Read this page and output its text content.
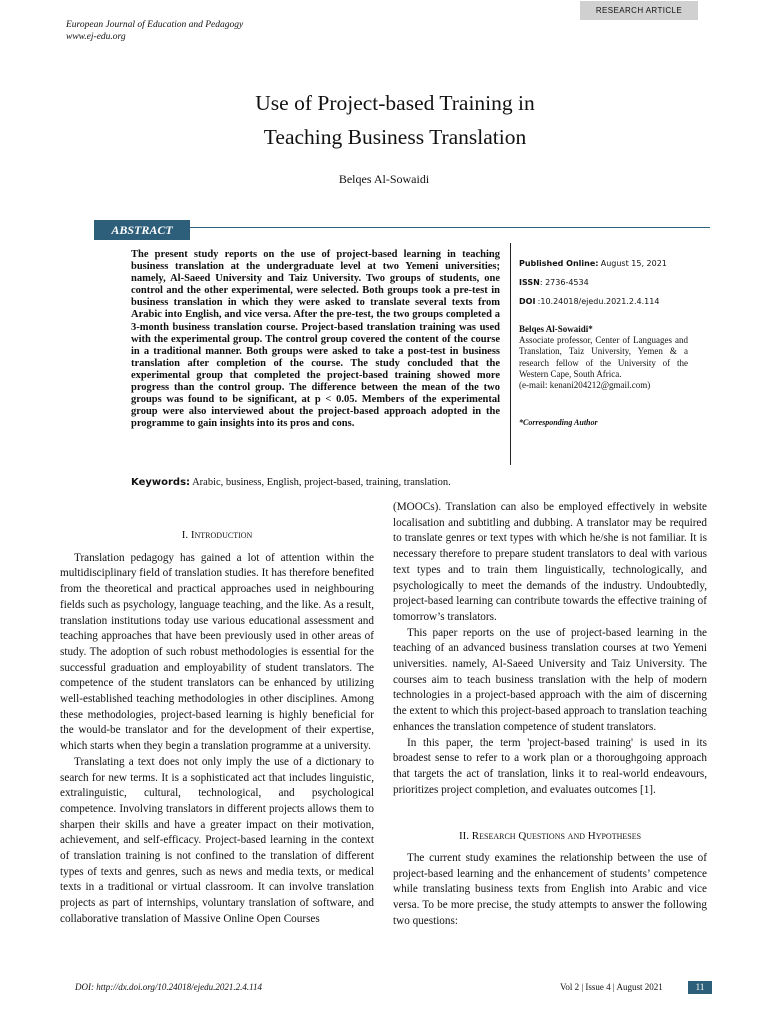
European Journal of Education and Pedagogy
www.ej-edu.org
RESEARCH ARTICLE
Use of Project-based Training in
Teaching Business Translation
Belqes Al-Sowaidi
ABSTRACT
The present study reports on the use of project-based learning in teaching business translation at the undergraduate level at two Yemeni universities; namely, Al-Saeed University and Taiz University. Two groups of students, one control and the other experimental, were selected. Both groups took a pre-test in business translation in which they were asked to translate several texts from Arabic into English, and vice versa. After the pre-test, the two groups completed a 3-month business translation course. Project-based translation training was used with the experimental group. The control group covered the content of the course in a traditional manner. Both groups were asked to take a post-test in business translation after completion of the course. The study concluded that the experimental group that completed the project-based training showed more progress than the control group. The difference between the mean of the two groups was found to be significant, at p < 0.05. Members of the experimental group were also interviewed about the project-based approach adopted in the programme to gain insights into its pros and cons.
Published Online: August 15, 2021
ISSN: 2736-4534
DOI :10.24018/ejedu.2021.2.4.114
Belqes Al-Sowaidi*
Associate professor, Center of Languages and Translation, Taiz University, Yemen & a research fellow of the University of the Western Cape, South Africa.
(e-mail: kenani204212@gmail.com)
*Corresponding Author
Keywords: Arabic, business, English, project-based, training, translation.
I. Introduction

Translation pedagogy has gained a lot of attention within the multidisciplinary field of translation studies. It has therefore benefited from the theoretical and practical approaches used in neighbouring fields such as psychology, language teaching, and the like. As a result, translation institutions today use various educational assessment and teaching approaches that have been previously used in other areas of study. The adoption of such robust methodologies is essential for the successful graduation and employability of student translators. The competence of the student translators can be enhanced by utilizing well-established teaching methodologies in other disciplines. Among these methodologies, project-based learning is highly beneficial for the would-be translator and for the development of their expertise, which starts when they begin a translation programme at a university.

Translating a text does not only imply the use of a dictionary to search for new terms. It is a sophisticated act that includes linguistic, extralinguistic, cultural, technological, and psychological competence. Involving translators in different projects allows them to sharpen their skills and have a greater impact on their motivation, achievement, and self-efficacy. Project-based learning in the context of translation training is not confined to the translation of different types of texts and genres, such as news and media texts, or medical texts in a traditional or virtual classroom. It can involve translation projects as part of internships, voluntary translation of software, and collaborative translation of Massive Online Open Courses

(MOOCs). Translation can also be employed effectively in website localisation and subtitling and dubbing. A translator may be required to translate genres or text types with which he/she is not familiar. It is necessary therefore to prepare student translators to deal with various text types and to train them linguistically, technologically, and psychologically to meet the demands of the industry. Undoubtedly, project-based learning can contribute towards the effective training of tomorrow’s translators.

This paper reports on the use of project-based learning in the teaching of an advanced business translation courses at two Yemeni universities. namely, Al-Saeed University and Taiz University. The courses aim to teach business translation with the help of modern technologies in a project-based approach with the aim of discerning the extent to which this project-based approach to translation teaching enhances the translation competence of student translators.

In this paper, the term 'project-based training' is used in its broadest sense to refer to a work plan or a thoroughgoing approach that targets the act of translation, links it to real-world endeavours, prioritizes project completion, and evaluates outcomes [1].

II. Research Questions and Hypotheses

The current study examines the relationship between the use of project-based learning and the enhancement of students’ competence while translating business texts from English into Arabic and vice versa. To be more precise, the study attempts to answer the following two questions:

DOI: http://dx.doi.org/10.24018/ejedu.2021.2.4.114	Vol 2 | Issue 4 | August 2021	11
